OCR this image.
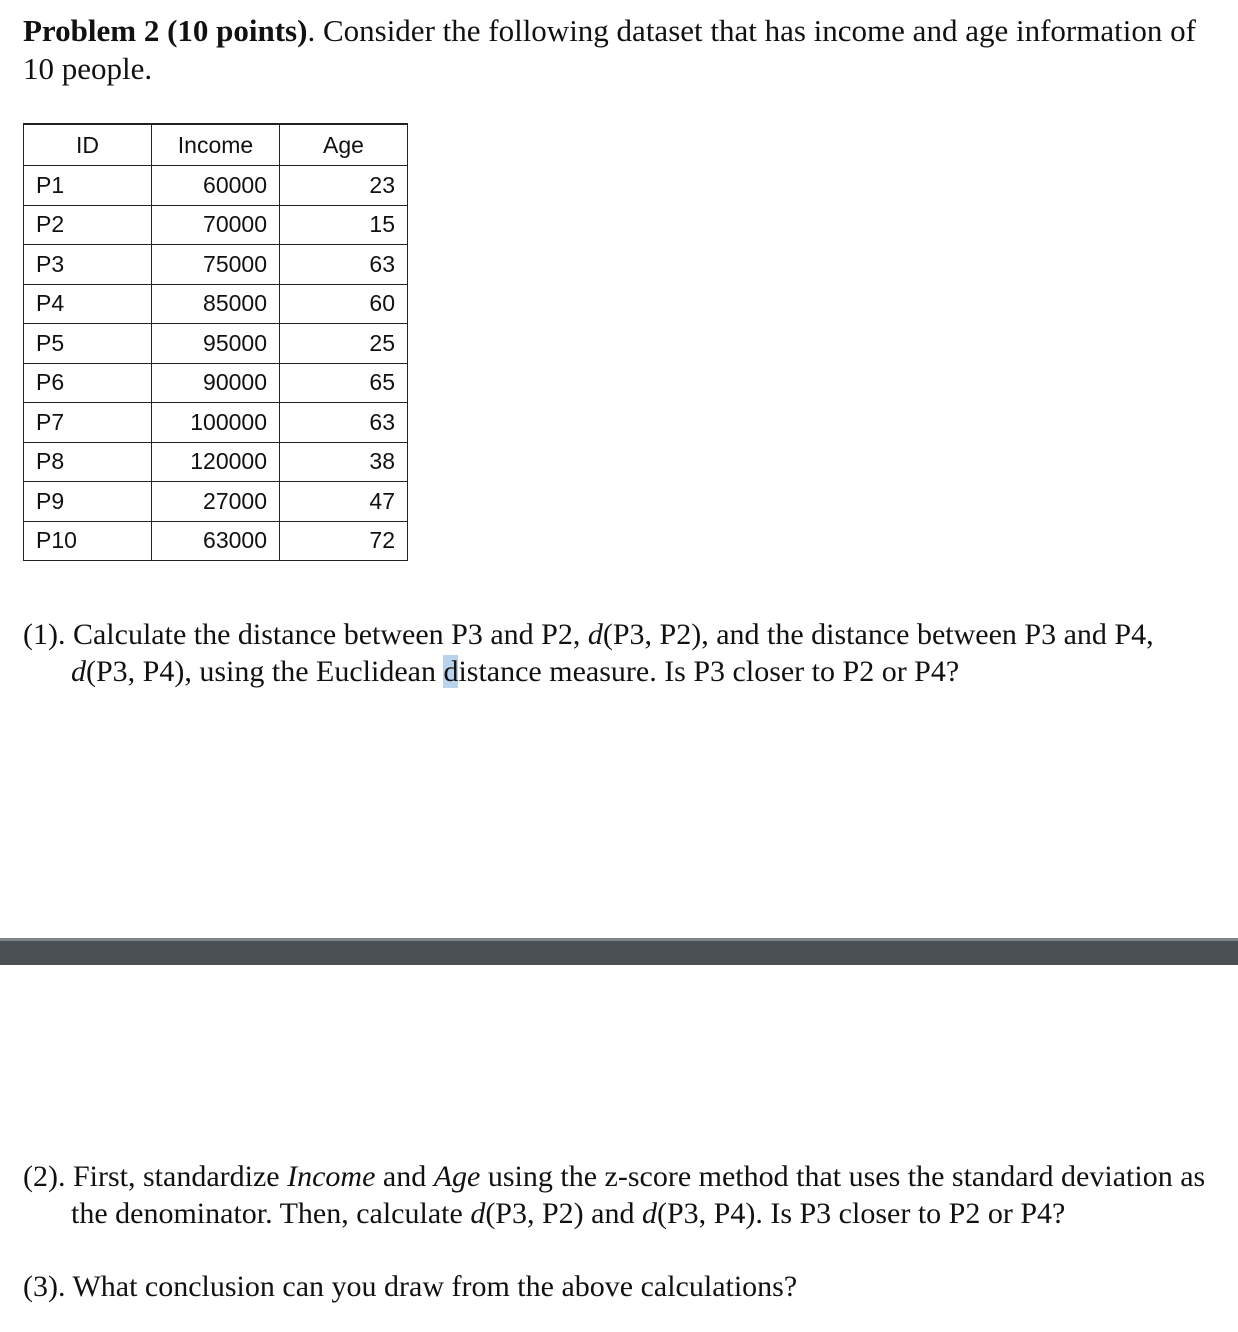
Problem 2 (10 points). Consider the following dataset that has income and age information of 10 people.
ID	Income	Age
P1	60000	23
P2	70000	15
P3	75000	63
P4	85000	60
P5	95000	25
P6	90000	65
P7	100000	63
P8	120000	38
P9	27000	47
P10	63000	72
(1). Calculate the distance between P3 and P2, d(P3, P2), and the distance between P3 and P4, d(P3, P4), using the Euclidean distance measure. Is P3 closer to P2 or P4?
(2). First, standardize Income and Age using the z-score method that uses the standard deviation as the denominator. Then, calculate d(P3, P2) and d(P3, P4). Is P3 closer to P2 or P4?
(3). What conclusion can you draw from the above calculations?
